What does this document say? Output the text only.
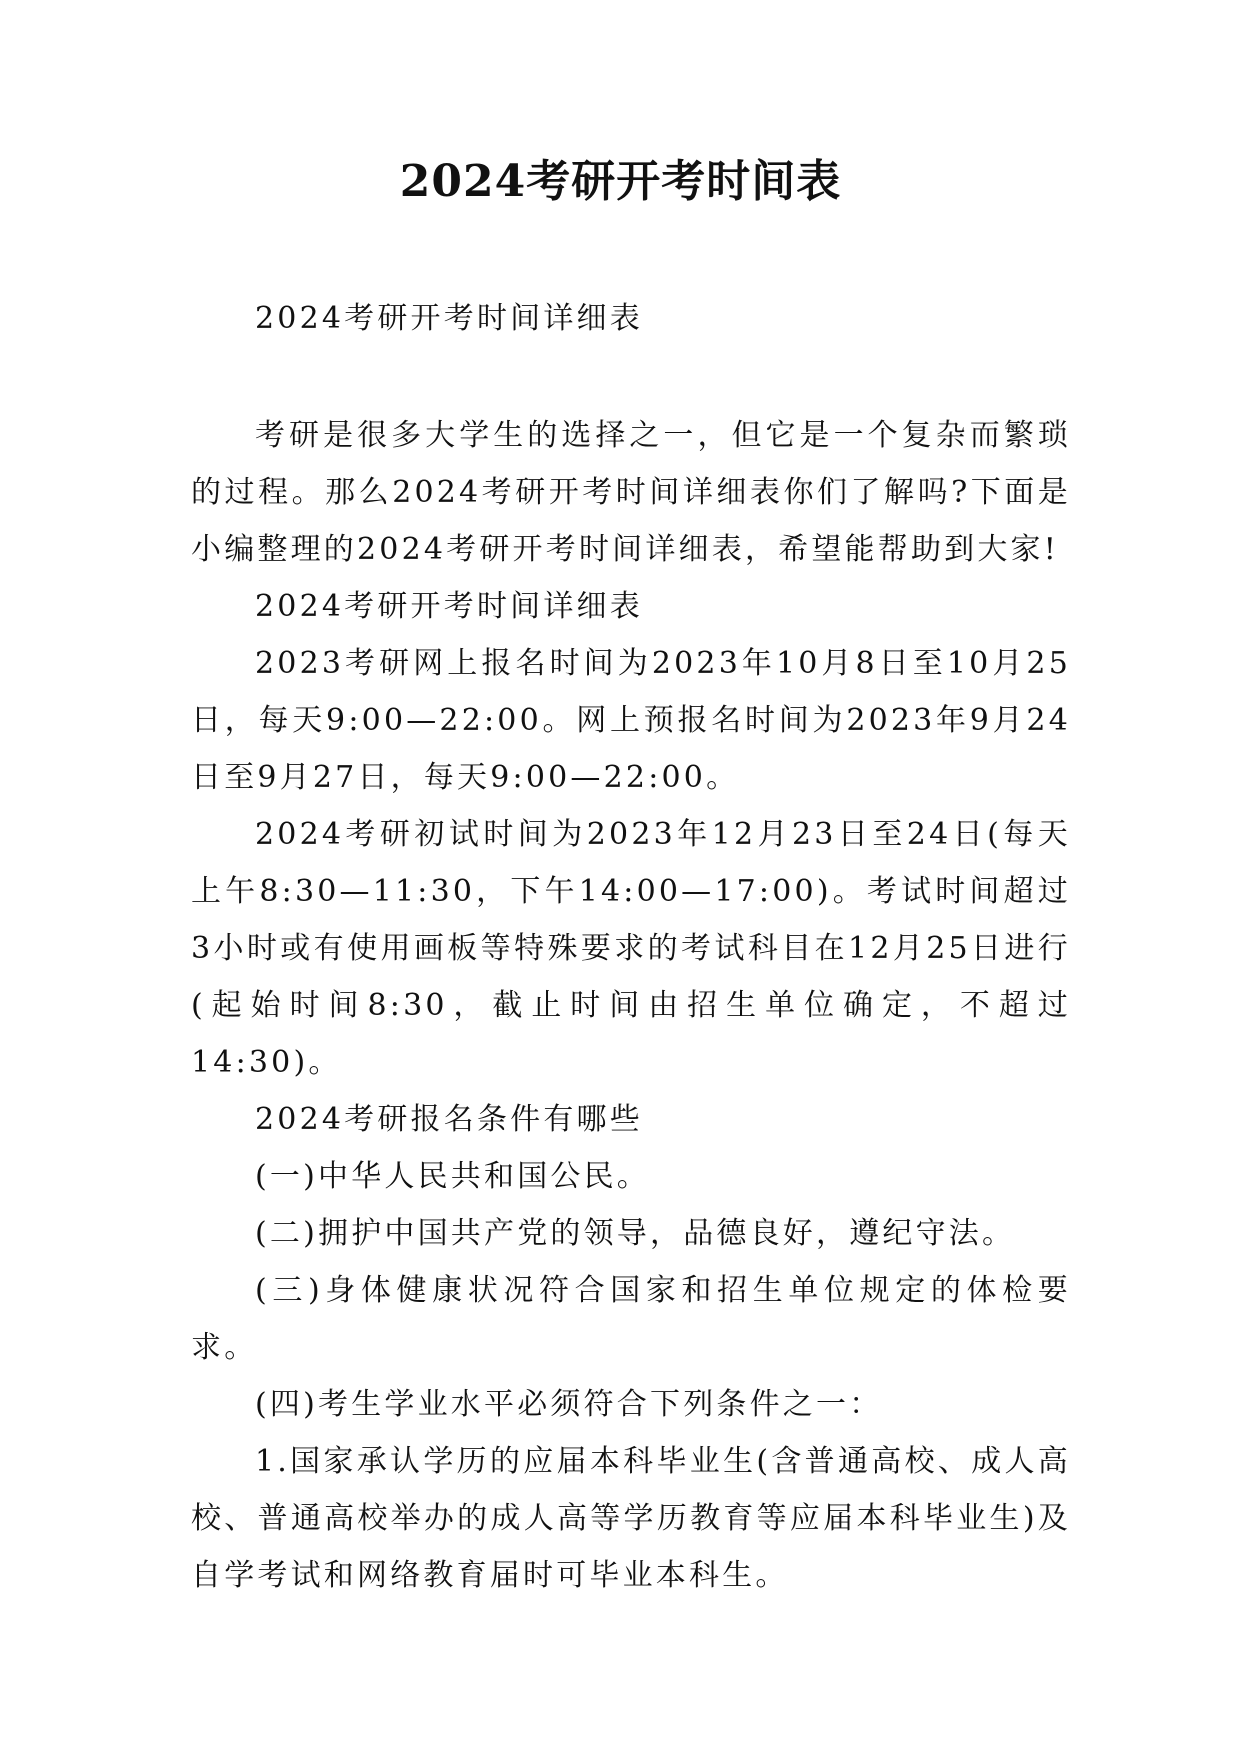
2024考研开考时间表

2024考研开考时间详细表

考研是很多大学生的选择之一，但它是一个复杂而繁琐的过程。那么2024考研开考时间详细表你们了解吗?下面是小编整理的2024考研开考时间详细表，希望能帮助到大家!

2024考研开考时间详细表

2023考研网上报名时间为2023年10月8日至10月25日，每天9:00—22:00。网上预报名时间为2023年9月24日至9月27日，每天9:00—22:00。

2024考研初试时间为2023年12月23日至24日(每天上午8:30—11:30，下午14:00—17:00)。考试时间超过3小时或有使用画板等特殊要求的考试科目在12月25日进行(起始时间8:30，截止时间由招生单位确定，不超过14:30)。

2024考研报名条件有哪些

(一)中华人民共和国公民。

(二)拥护中国共产党的领导，品德良好，遵纪守法。

(三)身体健康状况符合国家和招生单位规定的体检要求。

(四)考生学业水平必须符合下列条件之一：

1.国家承认学历的应届本科毕业生(含普通高校、成人高校、普通高校举办的成人高等学历教育等应届本科毕业生)及自学考试和网络教育届时可毕业本科生。
